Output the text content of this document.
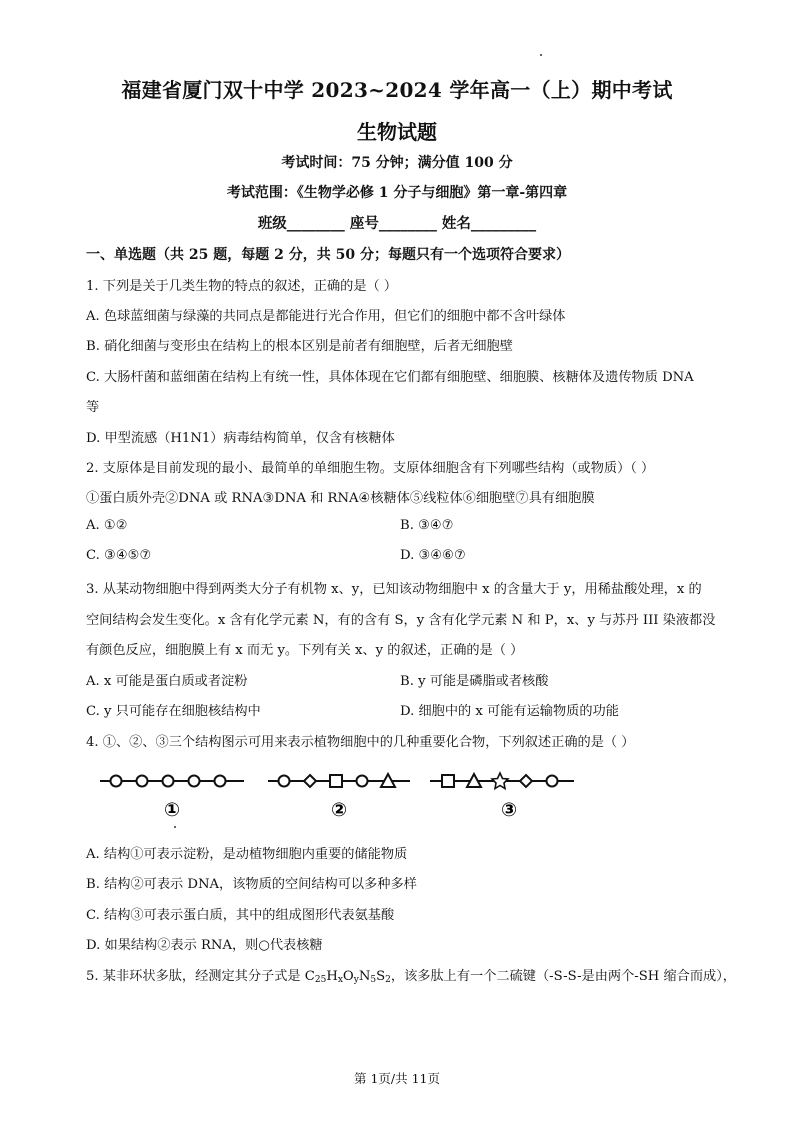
福建省厦门双十中学 2023~2024 学年高一（上）期中考试
生物试题
考试时间：75 分钟；满分值 100 分
考试范围：《生物学必修 1 分子与细胞》第一章-第四章
班级________ 座号________ 姓名_________
一、单选题（共 25 题，每题 2 分，共 50 分；每题只有一个选项符合要求）
1. 下列是关于几类生物的特点的叙述，正确的是（ ）
A. 色球蓝细菌与绿藻的共同点是都能进行光合作用，但它们的细胞中都不含叶绿体
B. 硝化细菌与变形虫在结构上的根本区别是前者有细胞壁，后者无细胞壁
C. 大肠杆菌和蓝细菌在结构上有统一性，具体体现在它们都有细胞壁、细胞膜、核糖体及遗传物质 DNA
等
D. 甲型流感（H1N1）病毒结构简单，仅含有核糖体
2. 支原体是目前发现的最小、最简单的单细胞生物。支原体细胞含有下列哪些结构（或物质）（ ）
①蛋白质外壳②DNA 或 RNA③DNA 和 RNA④核糖体⑤线粒体⑥细胞壁⑦具有细胞膜
A. ①②	B. ③④⑦
C. ③④⑤⑦	D. ③④⑥⑦
3. 从某动物细胞中得到两类大分子有机物 x、y，已知该动物细胞中 x 的含量大于 y，用稀盐酸处理，x 的
空间结构会发生变化。x 含有化学元素 N，有的含有 S，y 含有化学元素 N 和 P，x、y 与苏丹 III 染液都没
有颜色反应，细胞膜上有 x 而无 y。下列有关 x、y 的叙述，正确的是（ ）
A. x 可能是蛋白质或者淀粉	B. y 可能是磷脂或者核酸
C. y 只可能存在细胞核结构中	D. 细胞中的 x 可能有运输物质的功能
4. ①、②、③三个结构图示可用来表示植物细胞中的几种重要化合物，下列叙述正确的是（ ）
①	②	③
A. 结构①可表示淀粉，是动植物细胞内重要的储能物质
B. 结构②可表示 DNA，该物质的空间结构可以多种多样
C. 结构③可表示蛋白质，其中的组成图形代表氨基酸
D. 如果结构②表示 RNA，则○代表核糖
5. 某非环状多肽，经测定其分子式是 $C_{25}H_xO_yN_5S_2$，该多肽上有一个二硫键（-S-S-是由两个-SH 缩合而成），
第 1页/共 11页
